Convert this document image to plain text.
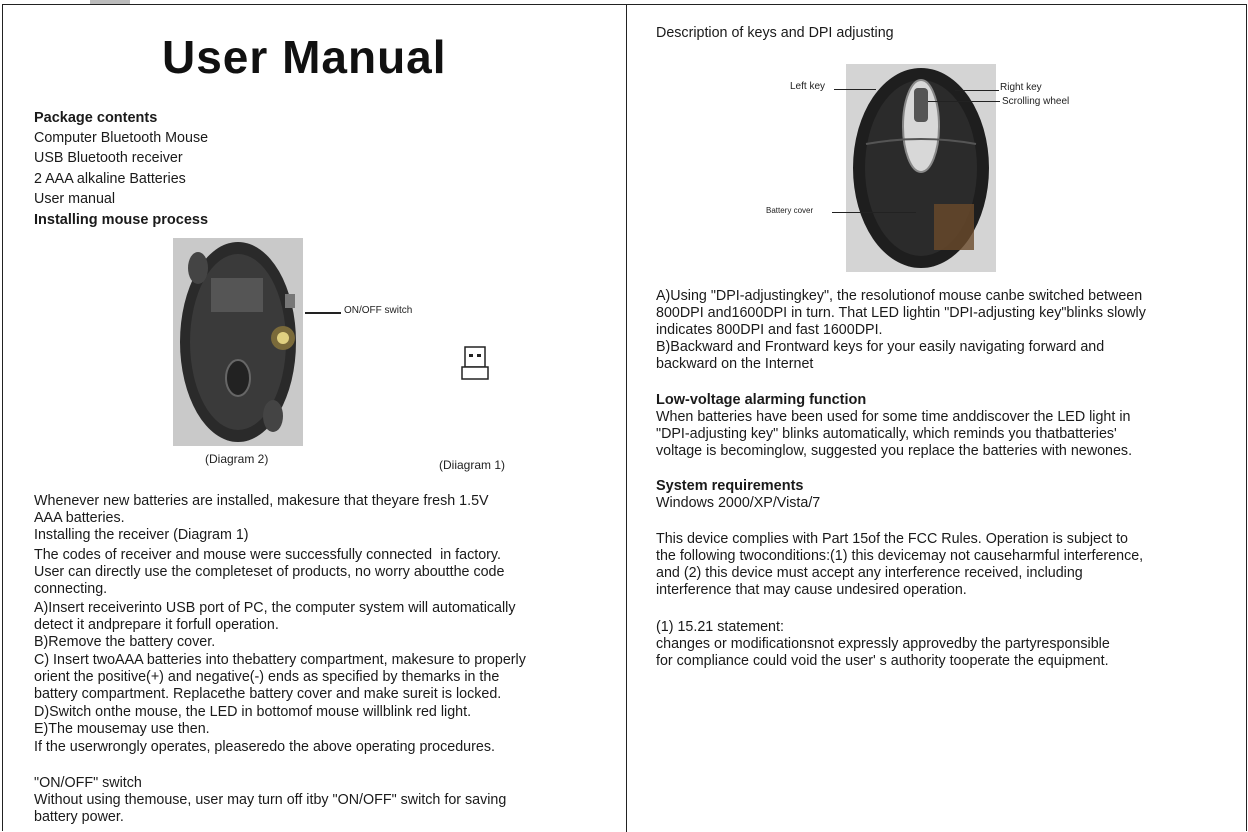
User Manual

Package contents

Computer Bluetooth Mouse

USB Bluetooth receiver

2 AAA alkaline Batteries

User manual

Installing mouse process

ON/OFF switch
(Diagram 2)	(Diiagram 1)

Whenever new batteries are installed, makesure that theyare fresh 1.5V
AAA batteries.

Installing the receiver (Diagram 1)

The codes of receiver and mouse were successfully connected  in factory.
User can directly use the completeset of products, no worry aboutthe code
connecting.

A)Insert receiverinto USB port of PC, the computer system will automatically
detect it andprepare it forfull operation.

B)Remove the battery cover.

C) Insert twoAAA batteries into thebattery compartment, makesure to properly
orient the positive(+) and negative(-) ends as specified by themarks in the
battery compartment. Replacethe battery cover and make sureit is locked.

D)Switch onthe mouse, the LED in bottomof mouse willblink red light.

E)The mousemay use then.

If the userwrongly operates, pleaseredo the above operating procedures.

"ON/OFF" switch

Without using themouse, user may turn off itby "ON/OFF" switch for saving
battery power.

Description of keys and DPI adjusting

Left key	Right key
Scrolling wheel
Battery cover

A)Using "DPI-adjustingkey", the resolutionof mouse canbe switched between
800DPI and1600DPI in turn. That LED lightin "DPI-adjusting key"blinks slowly
indicates 800DPI and fast 1600DPI.
B)Backward and Frontward keys for your easily navigating forward and
backward on the Internet

Low-voltage alarming function

When batteries have been used for some time anddiscover the LED light in
"DPI-adjusting key" blinks automatically, which reminds you thatbatteries'
voltage is becominglow, suggested you replace the batteries with newones.

System requirements

Windows 2000/XP/Vista/7

This device complies with Part 15of the FCC Rules. Operation is subject to
the following twoconditions:(1) this devicemay not causeharmful interference,
and (2) this device must accept any interference received, including
interference that may cause undesired operation.

(1) 15.21 statement:

changes or modificationsnot expressly approvedby the partyresponsible
for compliance could void the user' s authority tooperate the equipment.
